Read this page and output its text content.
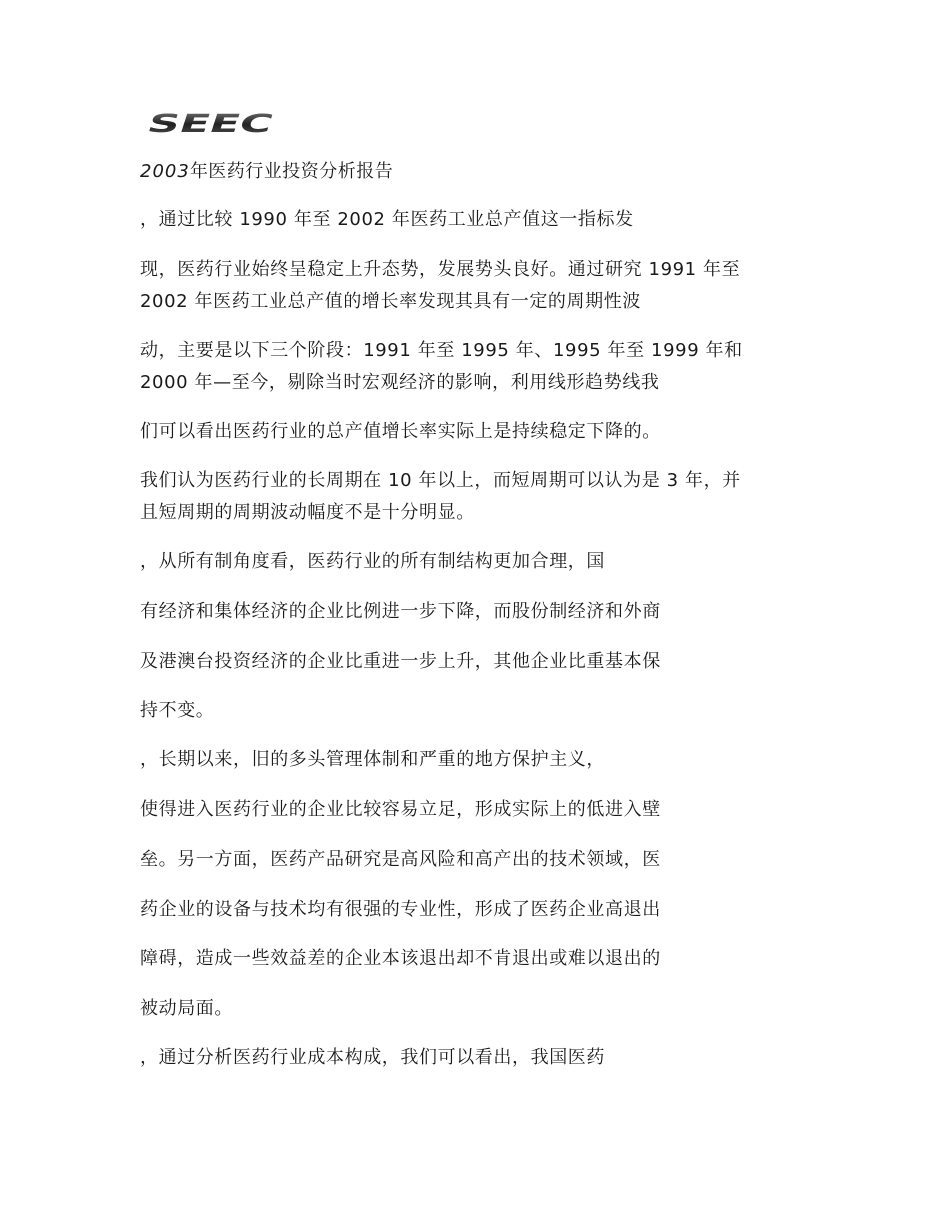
SEEC
2003年医药行业投资分析报告
，通过比较 1990 年至 2002 年医药工业总产值这一指标发
现，医药行业始终呈稳定上升态势，发展势头良好。通过研究 1991 年至
2002 年医药工业总产值的增长率发现其具有一定的周期性波
动，主要是以下三个阶段：1991 年至 1995 年、1995 年至 1999 年和
2000 年—至今，剔除当时宏观经济的影响，利用线形趋势线我
们可以看出医药行业的总产值增长率实际上是持续稳定下降的。
我们认为医药行业的长周期在 10 年以上，而短周期可以认为是 3 年，并
且短周期的周期波动幅度不是十分明显。
，从所有制角度看，医药行业的所有制结构更加合理，国
有经济和集体经济的企业比例进一步下降，而股份制经济和外商
及港澳台投资经济的企业比重进一步上升，其他企业比重基本保
持不变。
，长期以来，旧的多头管理体制和严重的地方保护主义，
使得进入医药行业的企业比较容易立足，形成实际上的低进入壁
垒。另一方面，医药产品研究是高风险和高产出的技术领域，医
药企业的设备与技术均有很强的专业性，形成了医药企业高退出
障碍，造成一些效益差的企业本该退出却不肯退出或难以退出的
被动局面。
，通过分析医药行业成本构成，我们可以看出，我国医药
